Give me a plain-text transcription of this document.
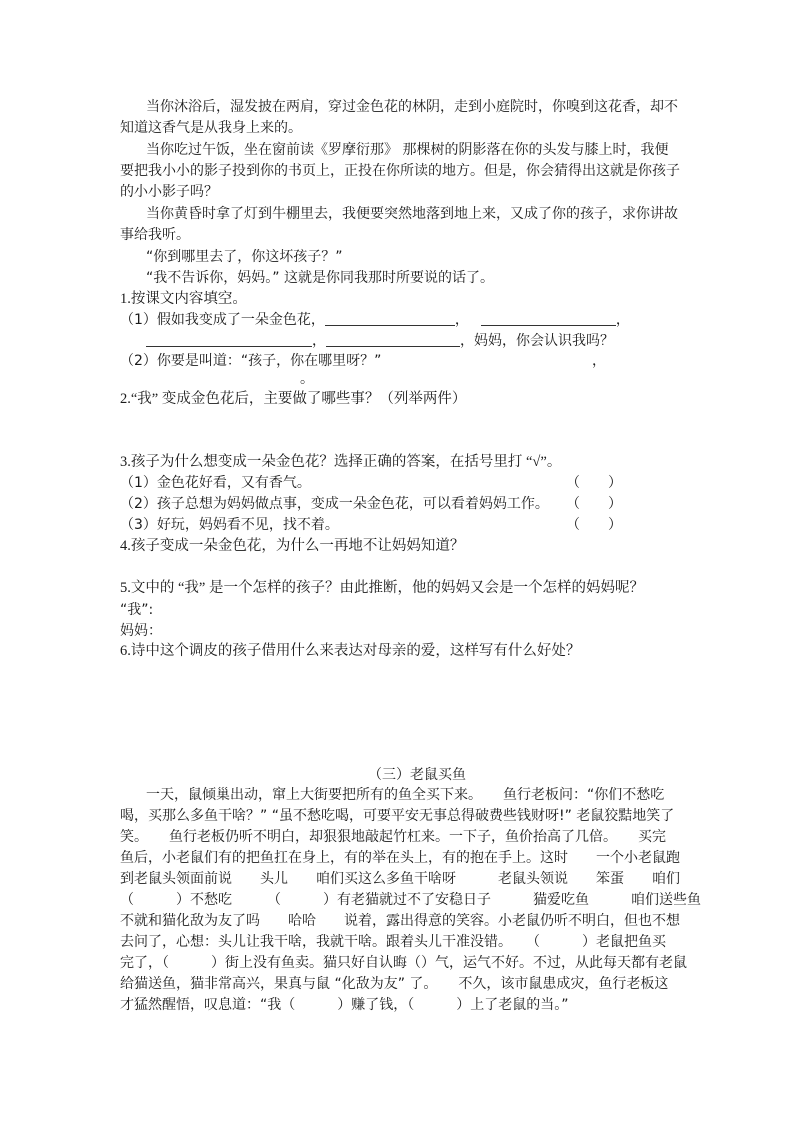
当你沐浴后，湿发披在两肩，穿过金色花的林阴，走到小庭院时，你嗅到这花香，却不
知道这香气是从我身上来的。
当你吃过午饭，坐在窗前读《罗摩衍那》 那棵树的阴影落在你的头发与膝上时，我便
要把我小小的影子投到你的书页上，正投在你所读的地方。但是，你会猜得出这就是你孩子
的小小影子吗？
当你黄昏时拿了灯到牛棚里去，我便要突然地落到地上来，又成了你的孩子，求你讲故
事给我听。
“你到哪里去了，你这坏孩子？”
“我不告诉你，妈妈。” 这就是你同我那时所要说的话了。
1.按课文内容填空。
（1）假如我变成了一朵金色花，	，	，
，	，妈妈，你会认识我吗？
（2）你要是叫道：“孩子，你在哪里呀？”	，
。
2.“我” 变成金色花后，主要做了哪些事？（列举两件）
3.孩子为什么想变成一朵金色花？选择正确的答案，在括号里打 “√”。
（1）金色花好看，又有香气。	（　　）
（2）孩子总想为妈妈做点事，变成一朵金色花，可以看着妈妈工作。 （　　）
（3）好玩，妈妈看不见，找不着。	（　　）
4.孩子变成一朵金色花，为什么一再地不让妈妈知道？
5.文中的 “我” 是一个怎样的孩子？由此推断，他的妈妈又会是一个怎样的妈妈呢？
“我”:
妈妈：
6.诗中这个调皮的孩子借用什么来表达对母亲的爱，这样写有什么好处？
（三）老鼠买鱼
一天，鼠倾巢出动，窜上大街要把所有的鱼全买下来。　　鱼行老板问：“你们不愁吃
喝，买那么多鱼干啥？” “虽不愁吃喝，可要平安无事总得破费些钱财呀!” 老鼠狡黠地笑了
笑。　　鱼行老板仍听不明白，却狠狠地敲起竹杠来。一下子，鱼价抬高了几倍。　　买完
鱼后，小老鼠们有的把鱼扛在身上，有的举在头上，有的抱在手上。这时　　一个小老鼠跑
到老鼠头领面前说　　头儿　　咱们买这么多鱼干啥呀　　　老鼠头领说　　笨蛋　　咱们
（　　　）不愁吃　　　（　　　）有老猫就过不了安稳日子　　　猫爱吃鱼　　　咱们送些鱼
不就和猫化敌为友了吗　　哈哈　　说着，露出得意的笑容。小老鼠仍听不明白，但也不想
去问了，心想：头儿让我干啥，我就干啥。跟着头儿干准没错。　　（　　　）老鼠把鱼买
完了，（　　　）街上没有鱼卖。猫只好自认晦（）气，运气不好。不过，从此每天都有老鼠
给猫送鱼，猫非常高兴，果真与鼠 “化敌为友” 了。　　不久，该市鼠患成灾，鱼行老板这
才猛然醒悟，叹息道：“我（　　　）赚了钱，（　　　）上了老鼠的当。”
